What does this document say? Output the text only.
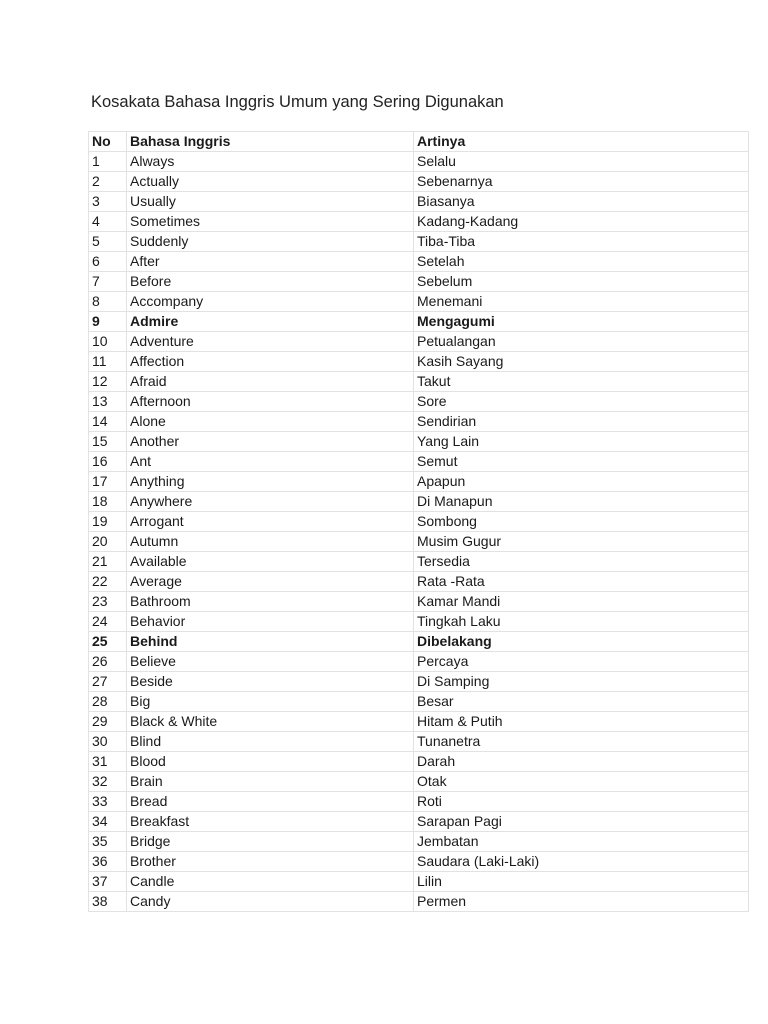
Kosakata Bahasa Inggris Umum yang Sering Digunakan
No	Bahasa Inggris	Artinya
1	Always	Selalu
2	Actually	Sebenarnya
3	Usually	Biasanya
4	Sometimes	Kadang-Kadang
5	Suddenly	Tiba-Tiba
6	After	Setelah
7	Before	Sebelum
8	Accompany	Menemani
9	Admire	Mengagumi
10	Adventure	Petualangan
11	Affection	Kasih Sayang
12	Afraid	Takut
13	Afternoon	Sore
14	Alone	Sendirian
15	Another	Yang Lain
16	Ant	Semut
17	Anything	Apapun
18	Anywhere	Di Manapun
19	Arrogant	Sombong
20	Autumn	Musim Gugur
21	Available	Tersedia
22	Average	Rata -Rata
23	Bathroom	Kamar Mandi
24	Behavior	Tingkah Laku
25	Behind	Dibelakang
26	Believe	Percaya
27	Beside	Di Samping
28	Big	Besar
29	Black & White	Hitam & Putih
30	Blind	Tunanetra
31	Blood	Darah
32	Brain	Otak
33	Bread	Roti
34	Breakfast	Sarapan Pagi
35	Bridge	Jembatan
36	Brother	Saudara (Laki-Laki)
37	Candle	Lilin
38	Candy	Permen
